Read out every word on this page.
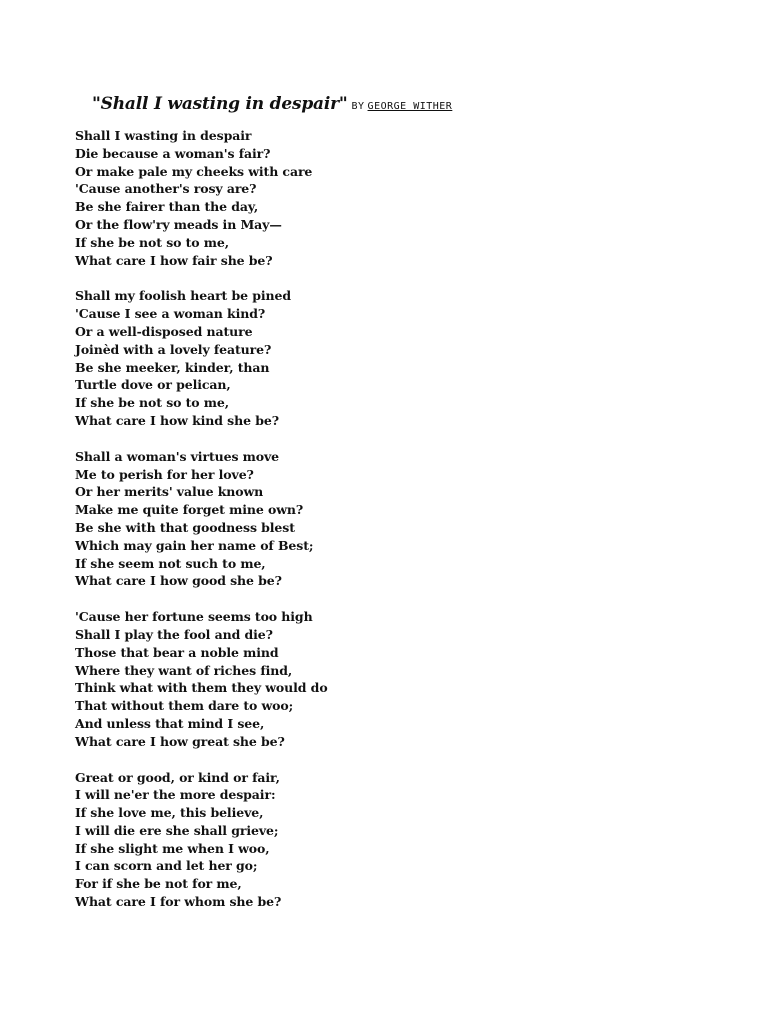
"Shall I wasting in despair" BY GEORGE WITHER
Shall I wasting in despair
Die because a woman's fair?
Or make pale my cheeks with care
'Cause another's rosy are?
Be she fairer than the day,
Or the flow'ry meads in May—
If she be not so to me,
What care I how fair she be?
Shall my foolish heart be pined
'Cause I see a woman kind?
Or a well-disposed nature
Joinèd with a lovely feature?
Be she meeker, kinder, than
Turtle dove or pelican,
If she be not so to me,
What care I how kind she be?
Shall a woman's virtues move
Me to perish for her love?
Or her merits' value known
Make me quite forget mine own?
Be she with that goodness blest
Which may gain her name of Best;
If she seem not such to me,
What care I how good she be?
'Cause her fortune seems too high
Shall I play the fool and die?
Those that bear a noble mind
Where they want of riches find,
Think what with them they would do
That without them dare to woo;
And unless that mind I see,
What care I how great she be?
Great or good, or kind or fair,
I will ne'er the more despair:
If she love me, this believe,
I will die ere she shall grieve;
If she slight me when I woo,
I can scorn and let her go;
For if she be not for me,
What care I for whom she be?
